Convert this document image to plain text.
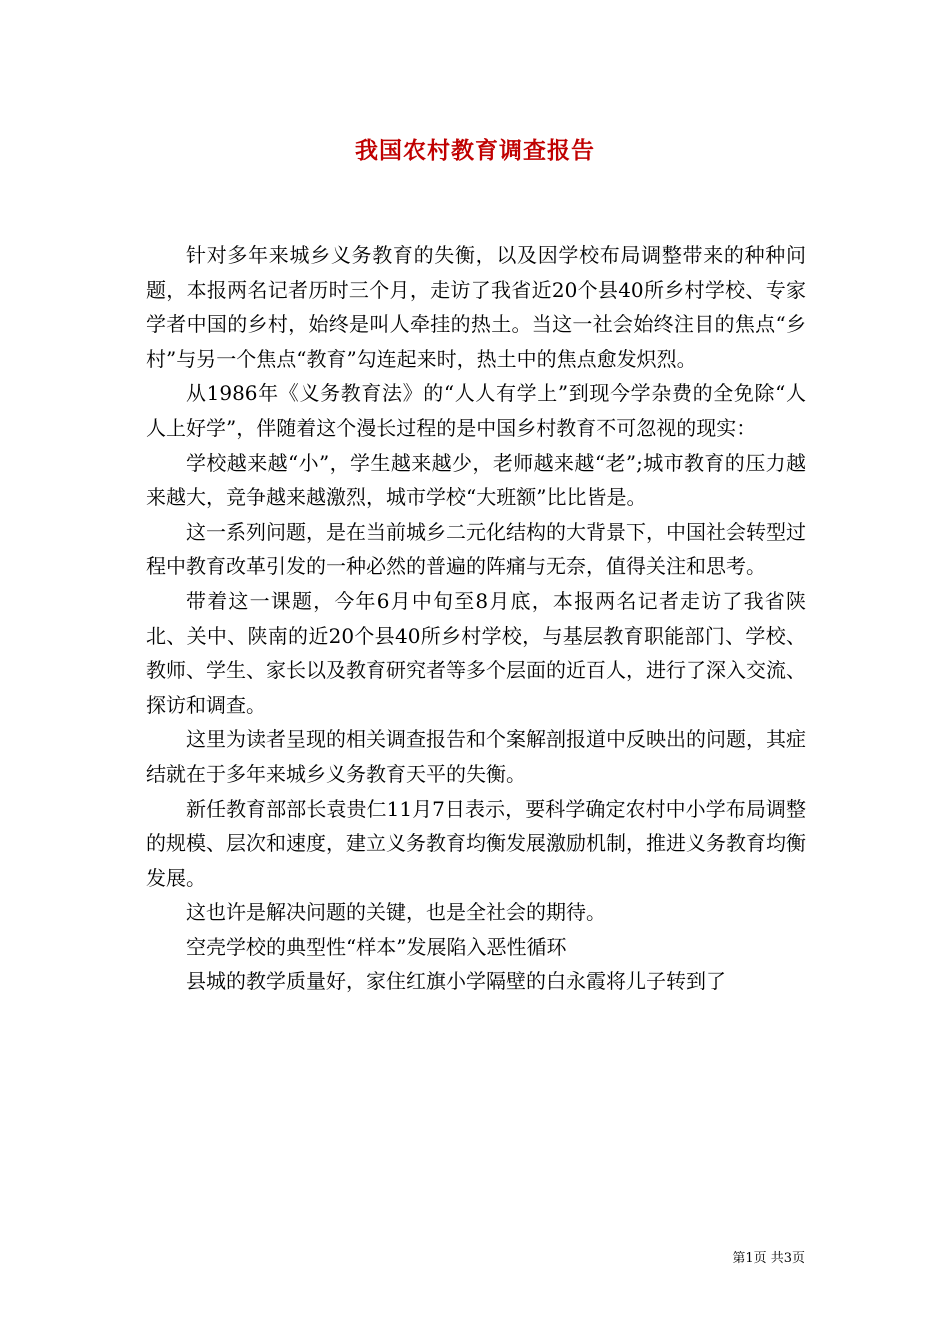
我国农村教育调查报告

针对多年来城乡义务教育的失衡，以及因学校布局调整带来的种种问题，本报两名记者历时三个月，走访了我省近20个县40所乡村学校、专家学者中国的乡村，始终是叫人牵挂的热土。当这一社会始终注目的焦点“乡村”与另一个焦点“教育”勾连起来时，热土中的焦点愈发炽烈。

从1986年《义务教育法》的“人人有学上”到现今学杂费的全免除“人人上好学”，伴随着这个漫长过程的是中国乡村教育不可忽视的现实：

学校越来越“小”，学生越来越少，老师越来越“老”;城市教育的压力越来越大，竞争越来越激烈，城市学校“大班额”比比皆是。

这一系列问题，是在当前城乡二元化结构的大背景下，中国社会转型过程中教育改革引发的一种必然的普遍的阵痛与无奈，值得关注和思考。

带着这一课题，今年6月中旬至8月底，本报两名记者走访了我省陕北、关中、陕南的近20个县40所乡村学校，与基层教育职能部门、学校、教师、学生、家长以及教育研究者等多个层面的近百人，进行了深入交流、探访和调查。

这里为读者呈现的相关调查报告和个案解剖报道中反映出的问题，其症结就在于多年来城乡义务教育天平的失衡。

新任教育部部长袁贵仁11月7日表示，要科学确定农村中小学布局调整的规模、层次和速度，建立义务教育均衡发展激励机制，推进义务教育均衡发展。

这也许是解决问题的关键，也是全社会的期待。

空壳学校的典型性“样本”发展陷入恶性循环

县城的教学质量好，家住红旗小学隔壁的白永霞将儿子转到了

第1页 共3页
